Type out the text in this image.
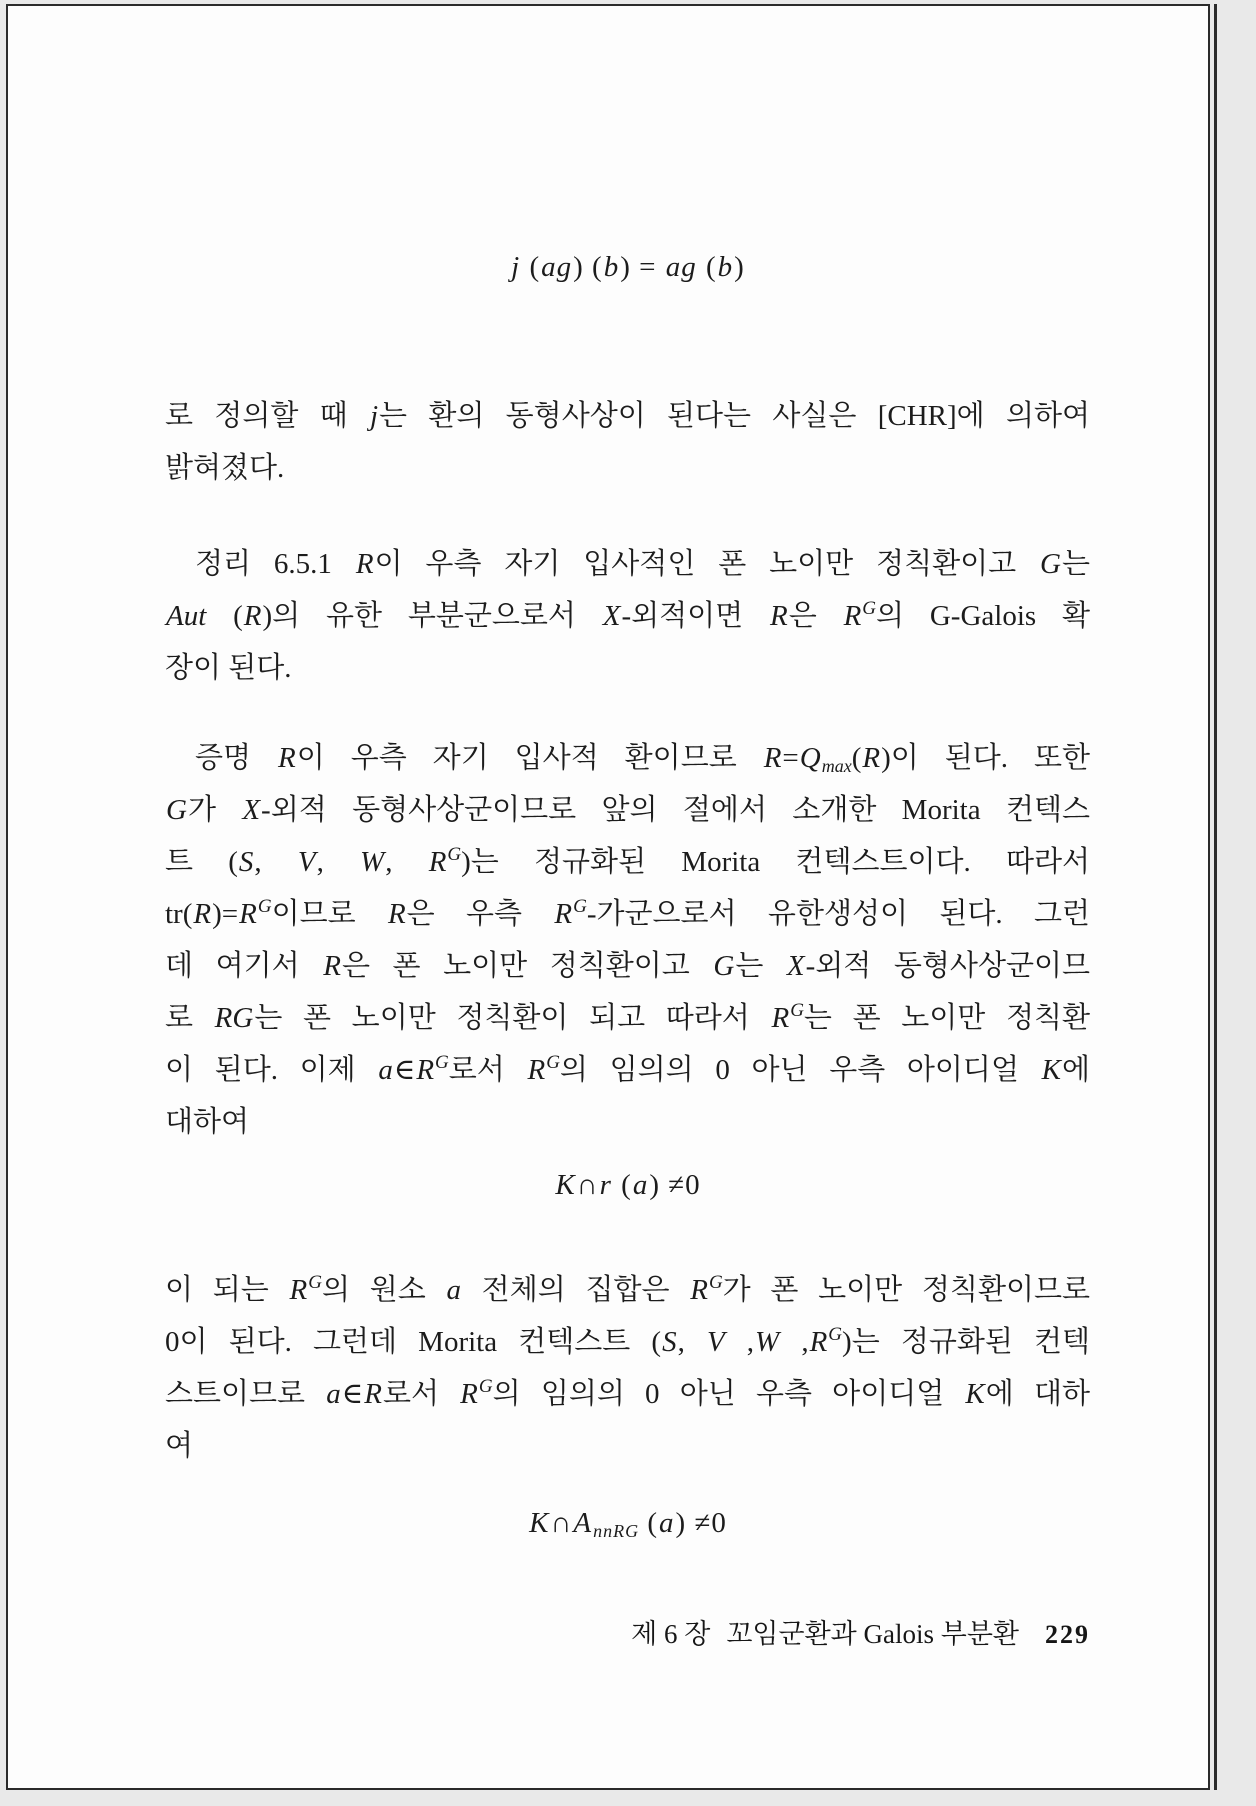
j (ag) (b) = ag (b)
로 정의할 때 j는 환의 동형사상이 된다는 사실은 [CHR]에 의하여
밝혀졌다.
정리 6.5.1 R이 우측 자기 입사적인 폰 노이만 정칙환이고 G는
Aut (R)의 유한 부분군으로서 X-외적이면 R은 $R^G$의 G-Galois 확
장이 된다.
증명 R이 우측 자기 입사적 환이므로 $R=Q_{max}(R)$이 된다. 또한
G가 X-외적 동형사상군이므로 앞의 절에서 소개한 Morita 컨텍스
트 (S, V, W, $R^G$)는 정규화된 Morita 컨텍스트이다. 따라서
$tr(R)=R^G$이므로 R은 우측 $R^G-$가군으로서 유한생성이 된다. 그런
데 여기서 R은 폰 노이만 정칙환이고 G는 X-외적 동형사상군이므
로 RG는 폰 노이만 정칙환이 되고 따라서 $R^G$는 폰 노이만 정칙환
이 된다. 이제 $a\in R^G$로서 $R^G$의 임의의 0 아닌 우측 아이디얼 K에
대하여
K∩r (a) ≠0
이 되는 $R^G$의 원소 a 전체의 집합은 $R^G$가 폰 노이만 정칙환이므로
0이 된다. 그런데 Morita 컨텍스트 (S, V ,W $,R^G$)는 정규화된 컨텍
스트이므로 a∈R로서 $R^G$의 임의의 0 아닌 우측 아이디얼 K에 대하
여
$K\cap A_{nnRG}$ (a) ≠0
제 6 장 꼬임군환과 Galois 부분환 229
